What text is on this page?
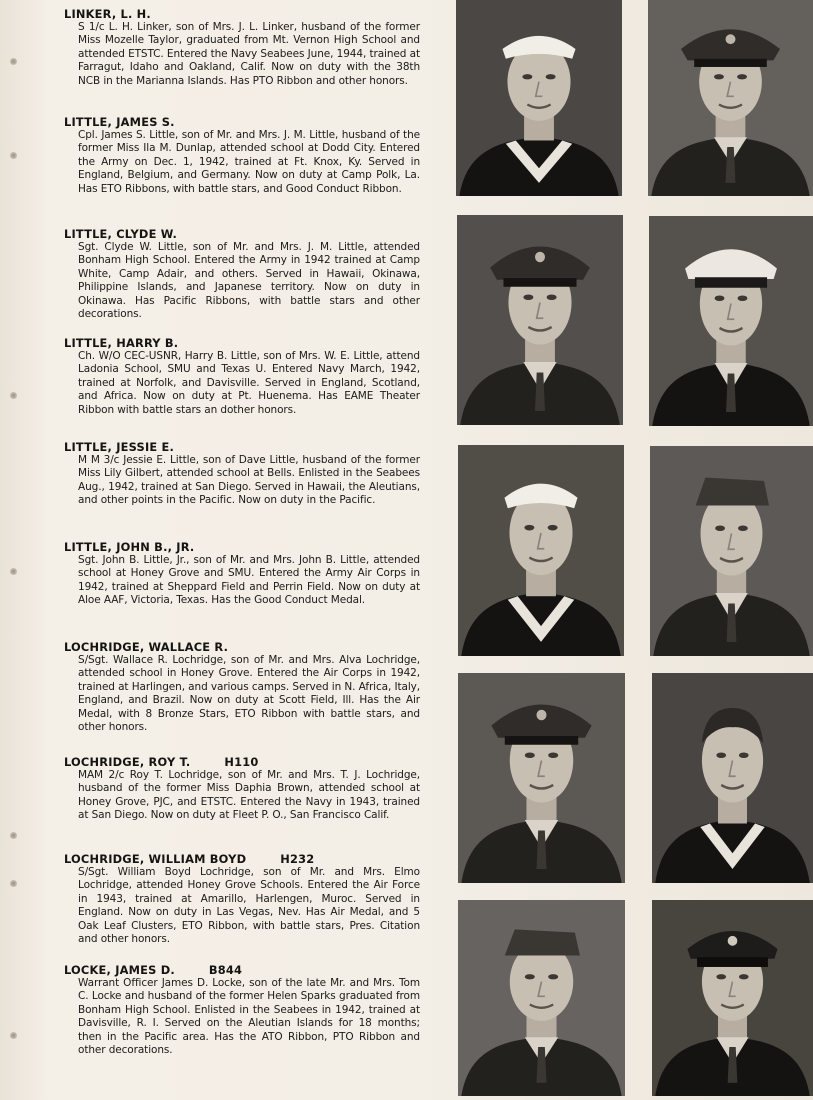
LINKER, L. H.
S 1/c L. H. Linker, son of Mrs. J. L. Linker, husband of the former Miss Mozelle Taylor, graduated from Mt. Vernon High School and attended ETSTC. Entered the Navy Seabees June, 1944, trained at Farragut, Idaho and Oakland, Calif. Now on duty with the 38th NCB in the Marianna Islands. Has PTO Ribbon and other honors.
LITTLE, JAMES S.
Cpl. James S. Little, son of Mr. and Mrs. J. M. Little, husband of the former Miss Ila M. Dunlap, attended school at Dodd City. Entered the Army on Dec. 1, 1942, trained at Ft. Knox, Ky. Served in England, Belgium, and Germany. Now on duty at Camp Polk, La. Has ETO Ribbons, with battle stars, and Good Conduct Ribbon.
LITTLE, CLYDE W.
Sgt. Clyde W. Little, son of Mr. and Mrs. J. M. Little, attended Bonham High School. Entered the Army in 1942 trained at Camp White, Camp Adair, and others. Served in Hawaii, Okinawa, Philippine Islands, and Japanese territory. Now on duty in Okinawa. Has Pacific Ribbons, with battle stars and other decorations.
LITTLE, HARRY B.
Ch. W/O CEC-USNR, Harry B. Little, son of Mrs. W. E. Little, attend Ladonia School, SMU and Texas U. Entered Navy March, 1942, trained at Norfolk, and Davisville. Served in England, Scotland, and Africa. Now on duty at Pt. Huenema. Has EAME Theater Ribbon with battle stars an dother honors.
LITTLE, JESSIE E.
M M 3/c Jessie E. Little, son of Dave Little, husband of the former Miss Lily Gilbert, attended school at Bells. Enlisted in the Seabees Aug., 1942, trained at San Diego. Served in Hawaii, the Aleutians, and other points in the Pacific. Now on duty in the Pacific.
LITTLE, JOHN B., JR.
Sgt. John B. Little, Jr., son of Mr. and Mrs. John B. Little, attended school at Honey Grove and SMU. Entered the Army Air Corps in 1942, trained at Sheppard Field and Perrin Field. Now on duty at Aloe AAF, Victoria, Texas. Has the Good Conduct Medal.
LOCHRIDGE, WALLACE R.
S/Sgt. Wallace R. Lochridge, son of Mr. and Mrs. Alva Lochridge, attended school in Honey Grove. Entered the Air Corps in 1942, trained at Harlingen, and various camps. Served in N. Africa, Italy, England, and Brazil. Now on duty at Scott Field, Ill. Has the Air Medal, with 8 Bronze Stars, ETO Ribbon with battle stars, and other honors.
LOCHRIDGE, ROY T.	H110
MAM 2/c Roy T. Lochridge, son of Mr. and Mrs. T. J. Lochridge, husband of the former Miss Daphia Brown, attended school at Honey Grove, PJC, and ETSTC. Entered the Navy in 1943, trained at San Diego. Now on duty at Fleet P. O., San Francisco Calif.
LOCHRIDGE, WILLIAM BOYD	H232
S/Sgt. William Boyd Lochridge, son of Mr. and Mrs. Elmo Lochridge, attended Honey Grove Schools. Entered the Air Force in 1943, trained at Amarillo, Harlengen, Muroc. Served in England. Now on duty in Las Vegas, Nev. Has Air Medal, and 5 Oak Leaf Clusters, ETO Ribbon, with battle stars, Pres. Citation and other honors.
LOCKE, JAMES D.	B844
Warrant Officer James D. Locke, son of the late Mr. and Mrs. Tom C. Locke and husband of the former Helen Sparks graduated from Bonham High School. Enlisted in the Seabees in 1942, trained at Davisville, R. I. Served on the Aleutian Islands for 18 months; then in the Pacific area. Has the ATO Ribbon, PTO Ribbon and other decorations.
